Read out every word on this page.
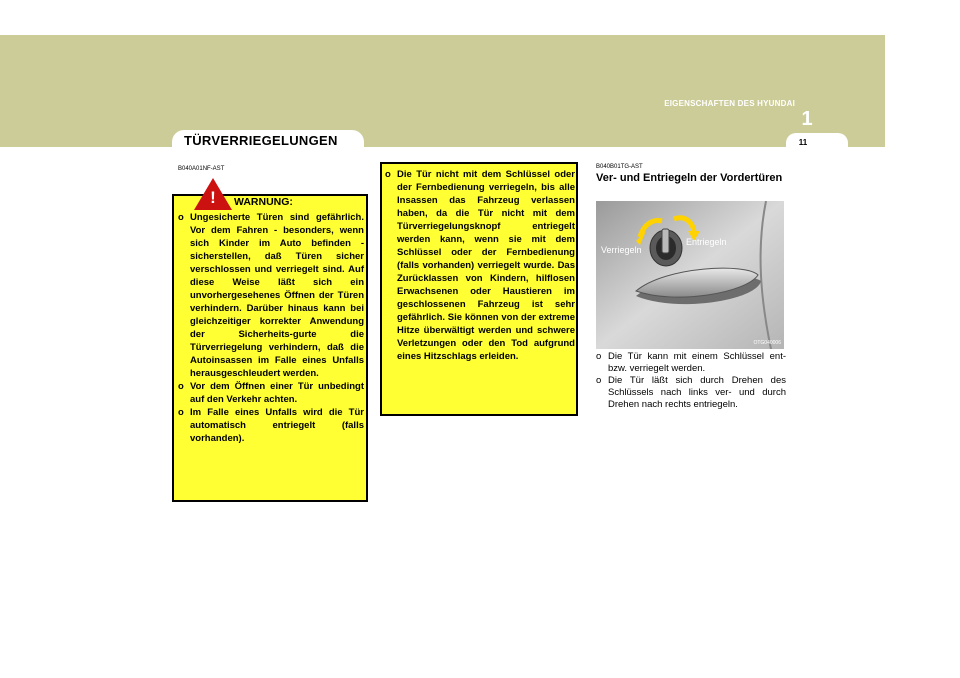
EIGENSCHAFTEN DES HYUNDAI
1
11
TÜRVERRIEGELUNGEN
B040A01NF-AST
!	WARNUNG:
o Ungesicherte Türen sind gefährlich. Vor dem Fahren - besonders, wenn sich Kinder im Auto befinden - sicherstellen, daß Türen sicher verschlossen und verriegelt sind. Auf diese Weise läßt sich ein unvorhergesehenes Öffnen der Türen verhindern. Darüber hinaus kann bei gleichzeitiger korrekter Anwendung der Sicherheits-gurte die Türverriegelung verhindern, daß die Autoinsassen im Falle eines Unfalls herausgeschleudert werden.
o Vor dem Öffnen einer Tür unbedingt auf den Verkehr achten.
o Im Falle eines Unfalls wird die Tür automatisch entriegelt (falls vorhanden).
o Die Tür nicht mit dem Schlüssel oder der Fernbedienung verriegeln, bis alle Insassen das Fahrzeug verlassen haben, da die Tür nicht mit dem Türverriegelungsknopf entriegelt werden kann, wenn sie mit dem Schlüssel oder der Fernbedienung (falls vorhanden) verriegelt wurde. Das Zurücklassen von Kindern, hilflosen Erwachsenen oder Haustieren im geschlossenen Fahrzeug ist sehr gefährlich. Sie können von der extreme Hitze überwältigt werden und schwere Verletzungen oder den Tod aufgrund eines Hitzschlags erleiden.
B040B01TG-AST
Ver- und Entriegeln der Vordertüren
Verriegeln
Entriegeln
OTG040006
o Die Tür kann mit einem Schlüssel ent- bzw. verriegelt werden.
o Die Tür läßt sich durch Drehen des Schlüssels nach links ver- und durch Drehen nach rechts entriegeln.
